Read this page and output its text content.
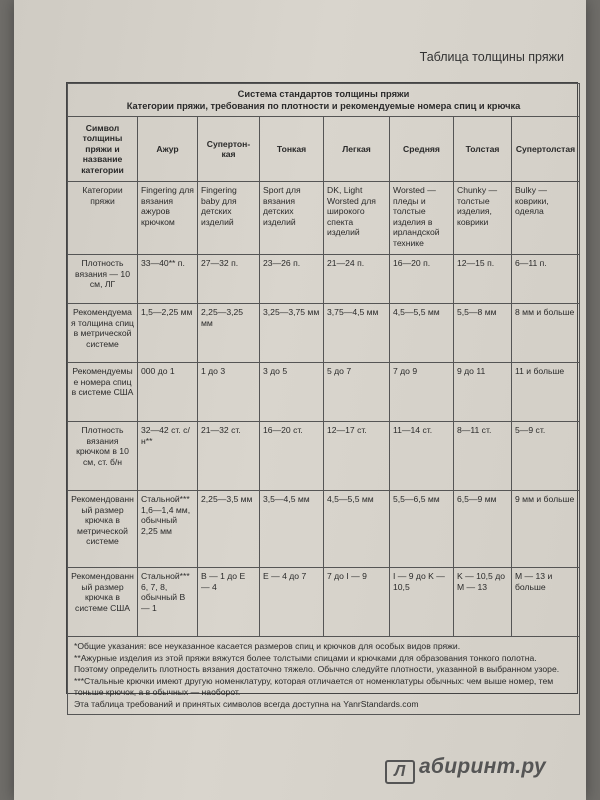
Таблица толщины пряжи
Система стандартов толщины пряжи
Категории пряжи, требования по плотности и рекомендуемые номера спиц и крючка							

Символ толщины пряжи и название категории	Ажур	Супертон-кая	Тонкая	Легкая	Средняя	Толстая	Супертолстая
Категории пряжи	Fingering для вязания ажуров крючком	Fingering baby для детских изделий	Sport для вязания детских изделий	DK, Light Worsted для широкого спекта изделий	Worsted — пледы и толстые изделия в ирландской технике	Chunky — толстые изделия, коврики	Bulky — коврики, одеяла
Плотность вязания — 10 см, ЛГ	33—40** п.	27—32 п.	23—26 п.	21—24 п.	16—20 п.	12—15 п.	6—11 п.
Рекомендуемая толщина спиц в метрической системе	1,5—2,25 мм	2,25—3,25 мм	3,25—3,75 мм	3,75—4,5 мм	4,5—5,5 мм	5,5—8 мм	8 мм и больше
Рекомендуемые номера спиц в системе США	000 до 1	1 до 3	3 до 5	5 до 7	7 до 9	9 до 11	11 и больше
Плотность вязания крючком в 10 см, ст. б/н	32—42 ст. с/н**	21—32 ст.	16—20 ст.	12—17 ст.	11—14 ст.	8—11 ст.	5—9 ст.
Рекомендованный размер крючка в метрической системе	Стальной*** 1,6—1,4 мм, обычный 2,25 мм	2,25—3,5 мм	3,5—4,5 мм	4,5—5,5 мм	5,5—6,5 мм	6,5—9 мм	9 мм и больше
Рекомендованный размер крючка в системе США	Стальной*** 6, 7, 8, обычный B — 1	B — 1 до E — 4	E — 4 до 7	7 до I — 9	I — 9 до K — 10,5	K — 10,5 до M — 13	M — 13 и больше

*Общие указания: все неуказанное касается размеров спиц и крючков для особых видов пряжи.
**Ажурные изделия из этой пряжи вяжутся более толстыми спицами и крючками для образования тонкого полотна. Поэтому определить плотность вязания достаточно тяжело. Обычно следуйте плотности, указанной в выбранном узоре.
***Стальные крючки имеют другую номенклатуру, которая отличается от номенклатуры обычных: чем выше номер, тем тоньше крючок, а в обычных — наоборот.
Эта таблица требований и принятых символов всегда доступна на YanrStandards.com							
Л абиринт.ру
